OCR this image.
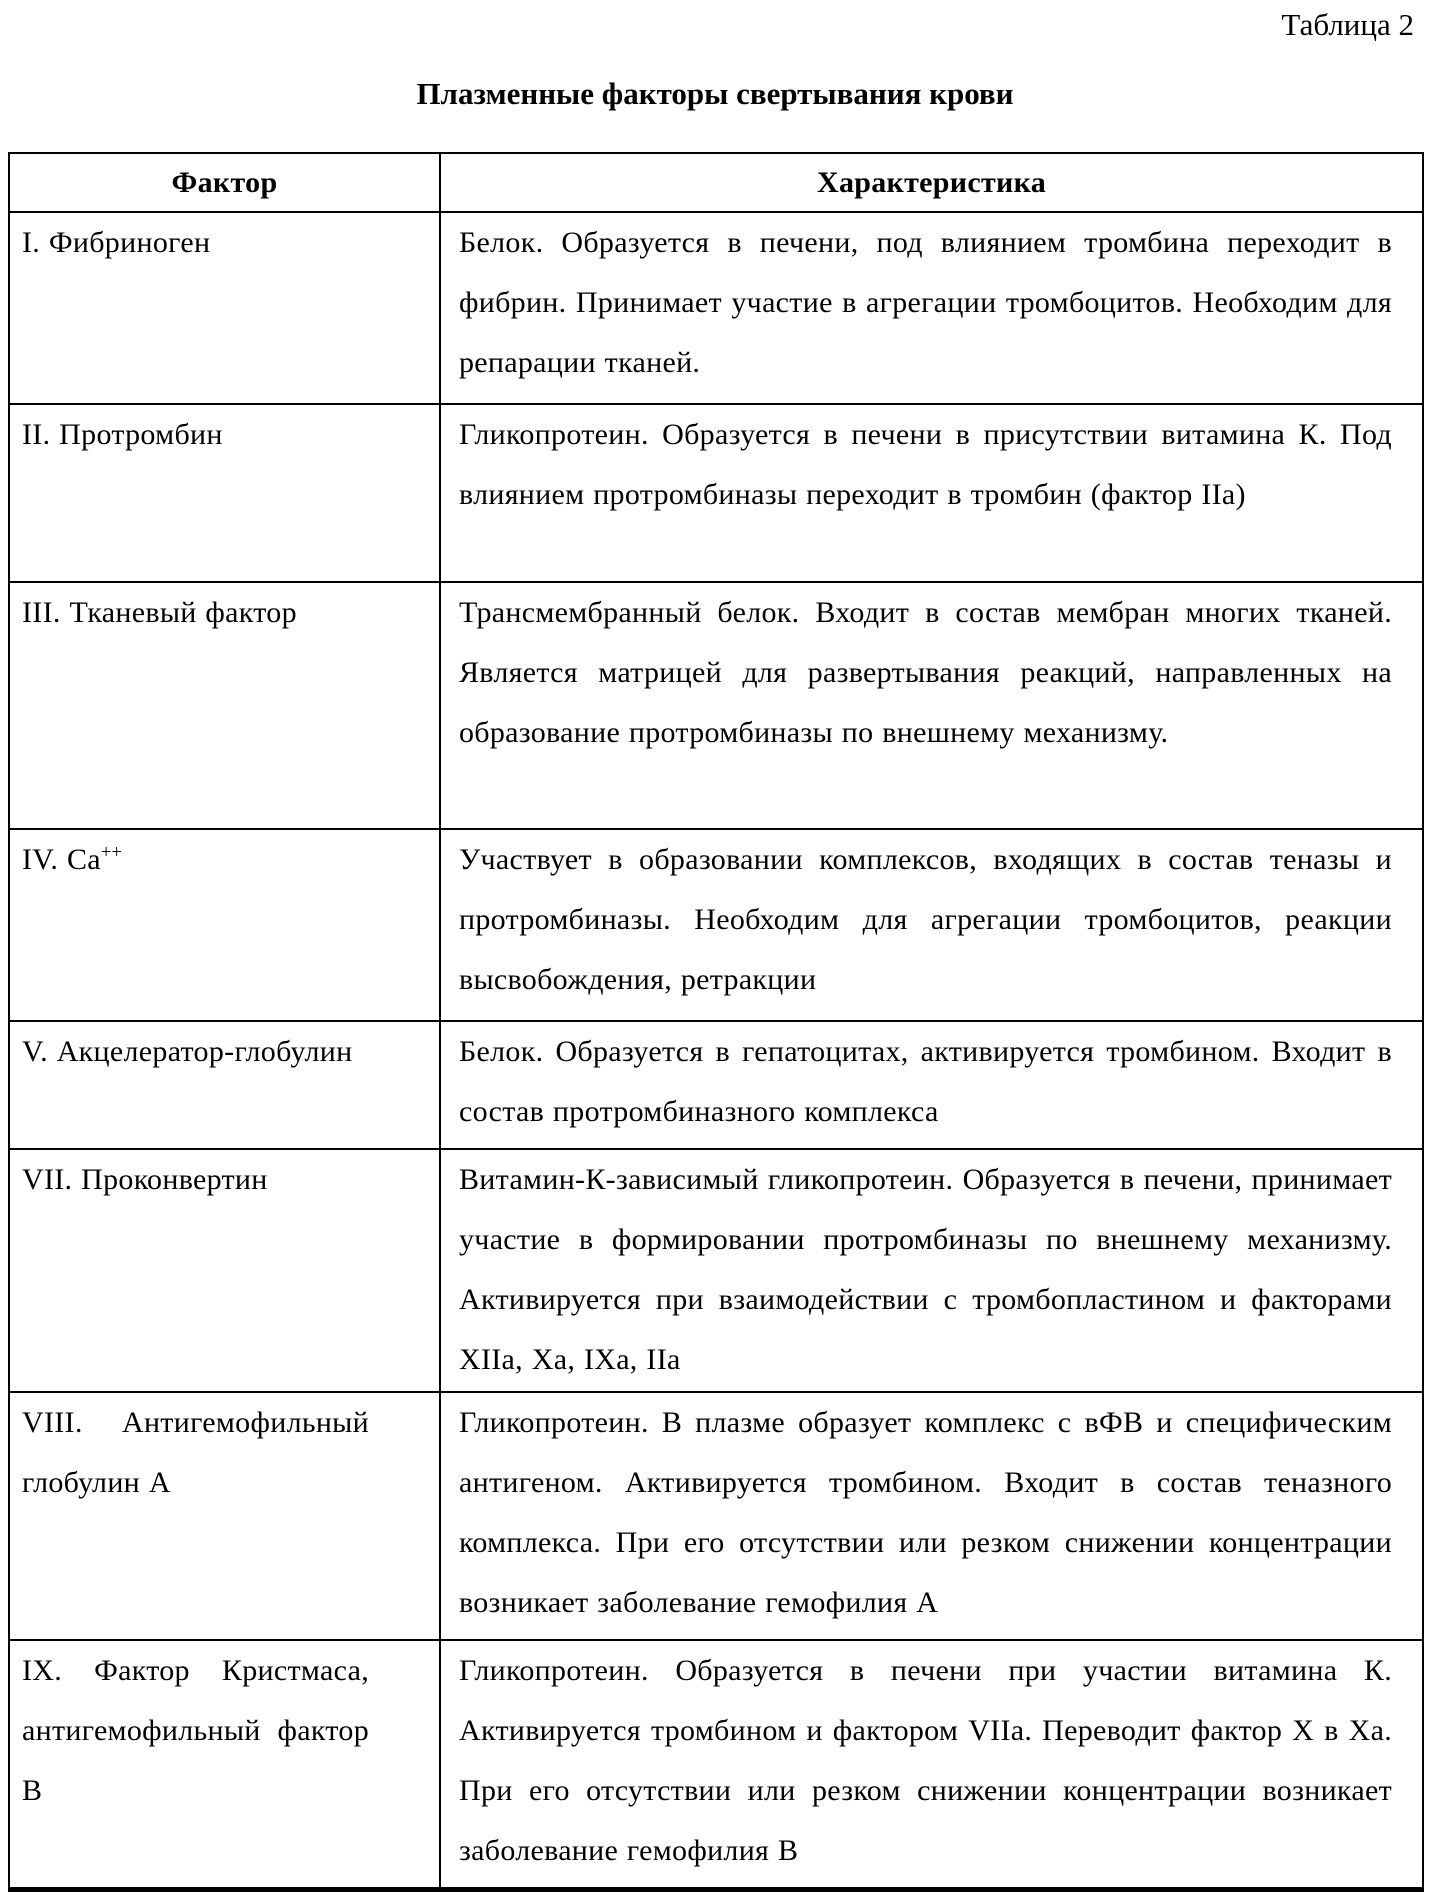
Таблица 2
Плазменные факторы свертывания крови
Фактор	Характеристика
I. Фибриноген	Белок. Образуется в печени, под влиянием тромбина переходит в фибрин. Принимает участие в агрегации тромбоцитов. Необходим для репарации тканей.
II. Протромбин	Гликопротеин. Образуется в печени в присутствии витамина К. Под влиянием протромбиназы переходит в тромбин (фактор IIа)
III. Тканевый фактор	Трансмембранный белок. Входит в состав мембран многих тканей. Является матрицей для развертывания реакций, направленных на образование протромбиназы по внешнему механизму.
IV. Ca++	Участвует в образовании комплексов, входящих в состав теназы и протромбиназы. Необходим для агрегации тромбоцитов, реакции высвобождения, ретракции
V. Акцелератор-глобулин	Белок. Образуется в гепатоцитах, активируется тромбином. Входит в состав протромбиназного комплекса
VII. Проконвертин	Витамин-К-зависимый гликопротеин. Образуется в печени, принимает участие в формировании протромбиназы по внешнему механизму. Активируется при взаимодействии с тромбопластином и факторами XIIа, Ха, IXа, IIа
VIII. Антигемофильный глобулин А	Гликопротеин. В плазме образует комплекс с вФВ и специфическим антигеном. Активируется тромбином. Входит в состав теназного комплекса. При его отсутствии или резком снижении концентрации возникает заболевание гемофилия А
IX. Фактор Кристмаса, антигемофильный фактор В	Гликопротеин. Образуется в печени при участии витамина К. Активируется тромбином и фактором VIIа. Переводит фактор Х в Ха. При его отсутствии или резком снижении концентрации возникает заболевание гемофилия В
